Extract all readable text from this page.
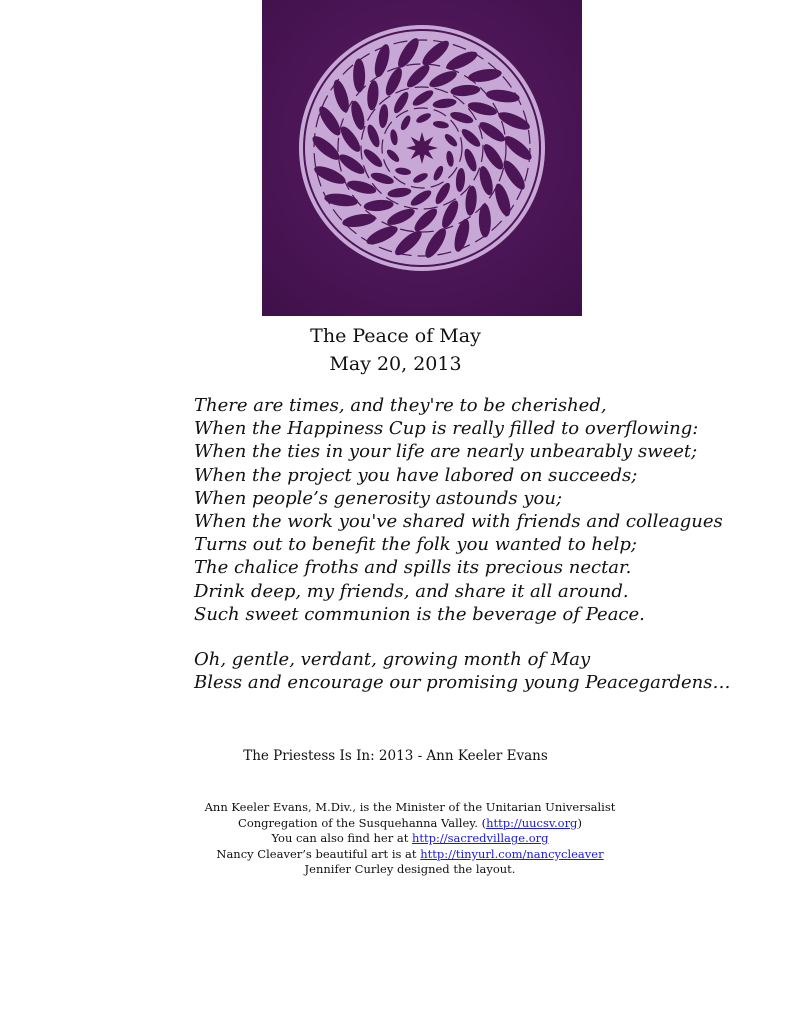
The Peace of May
May 20, 2013
There are times, and they're to be cherished,
When the Happiness Cup is really filled to overflowing:
When the ties in your life are nearly unbearably sweet;
When the project you have labored on succeeds;
When people’s generosity astounds you;
When the work you've shared with friends and colleagues
Turns out to benefit the folk you wanted to help;
The chalice froths and spills its precious nectar.
Drink deep, my friends, and share it all around.
Such sweet communion is the beverage of Peace.
Oh, gentle, verdant, growing month of May
Bless and encourage our promising young Peacegardens…
The Priestess Is In: 2013 - Ann Keeler Evans
Ann Keeler Evans, M.Div., is the Minister of the Unitarian Universalist
Congregation of the Susquehanna Valley. (http://uucsv.org)
You can also find her at http://sacredvillage.org
Nancy Cleaver’s beautiful art is at http://tinyurl.com/nancycleaver
Jennifer Curley designed the layout.
